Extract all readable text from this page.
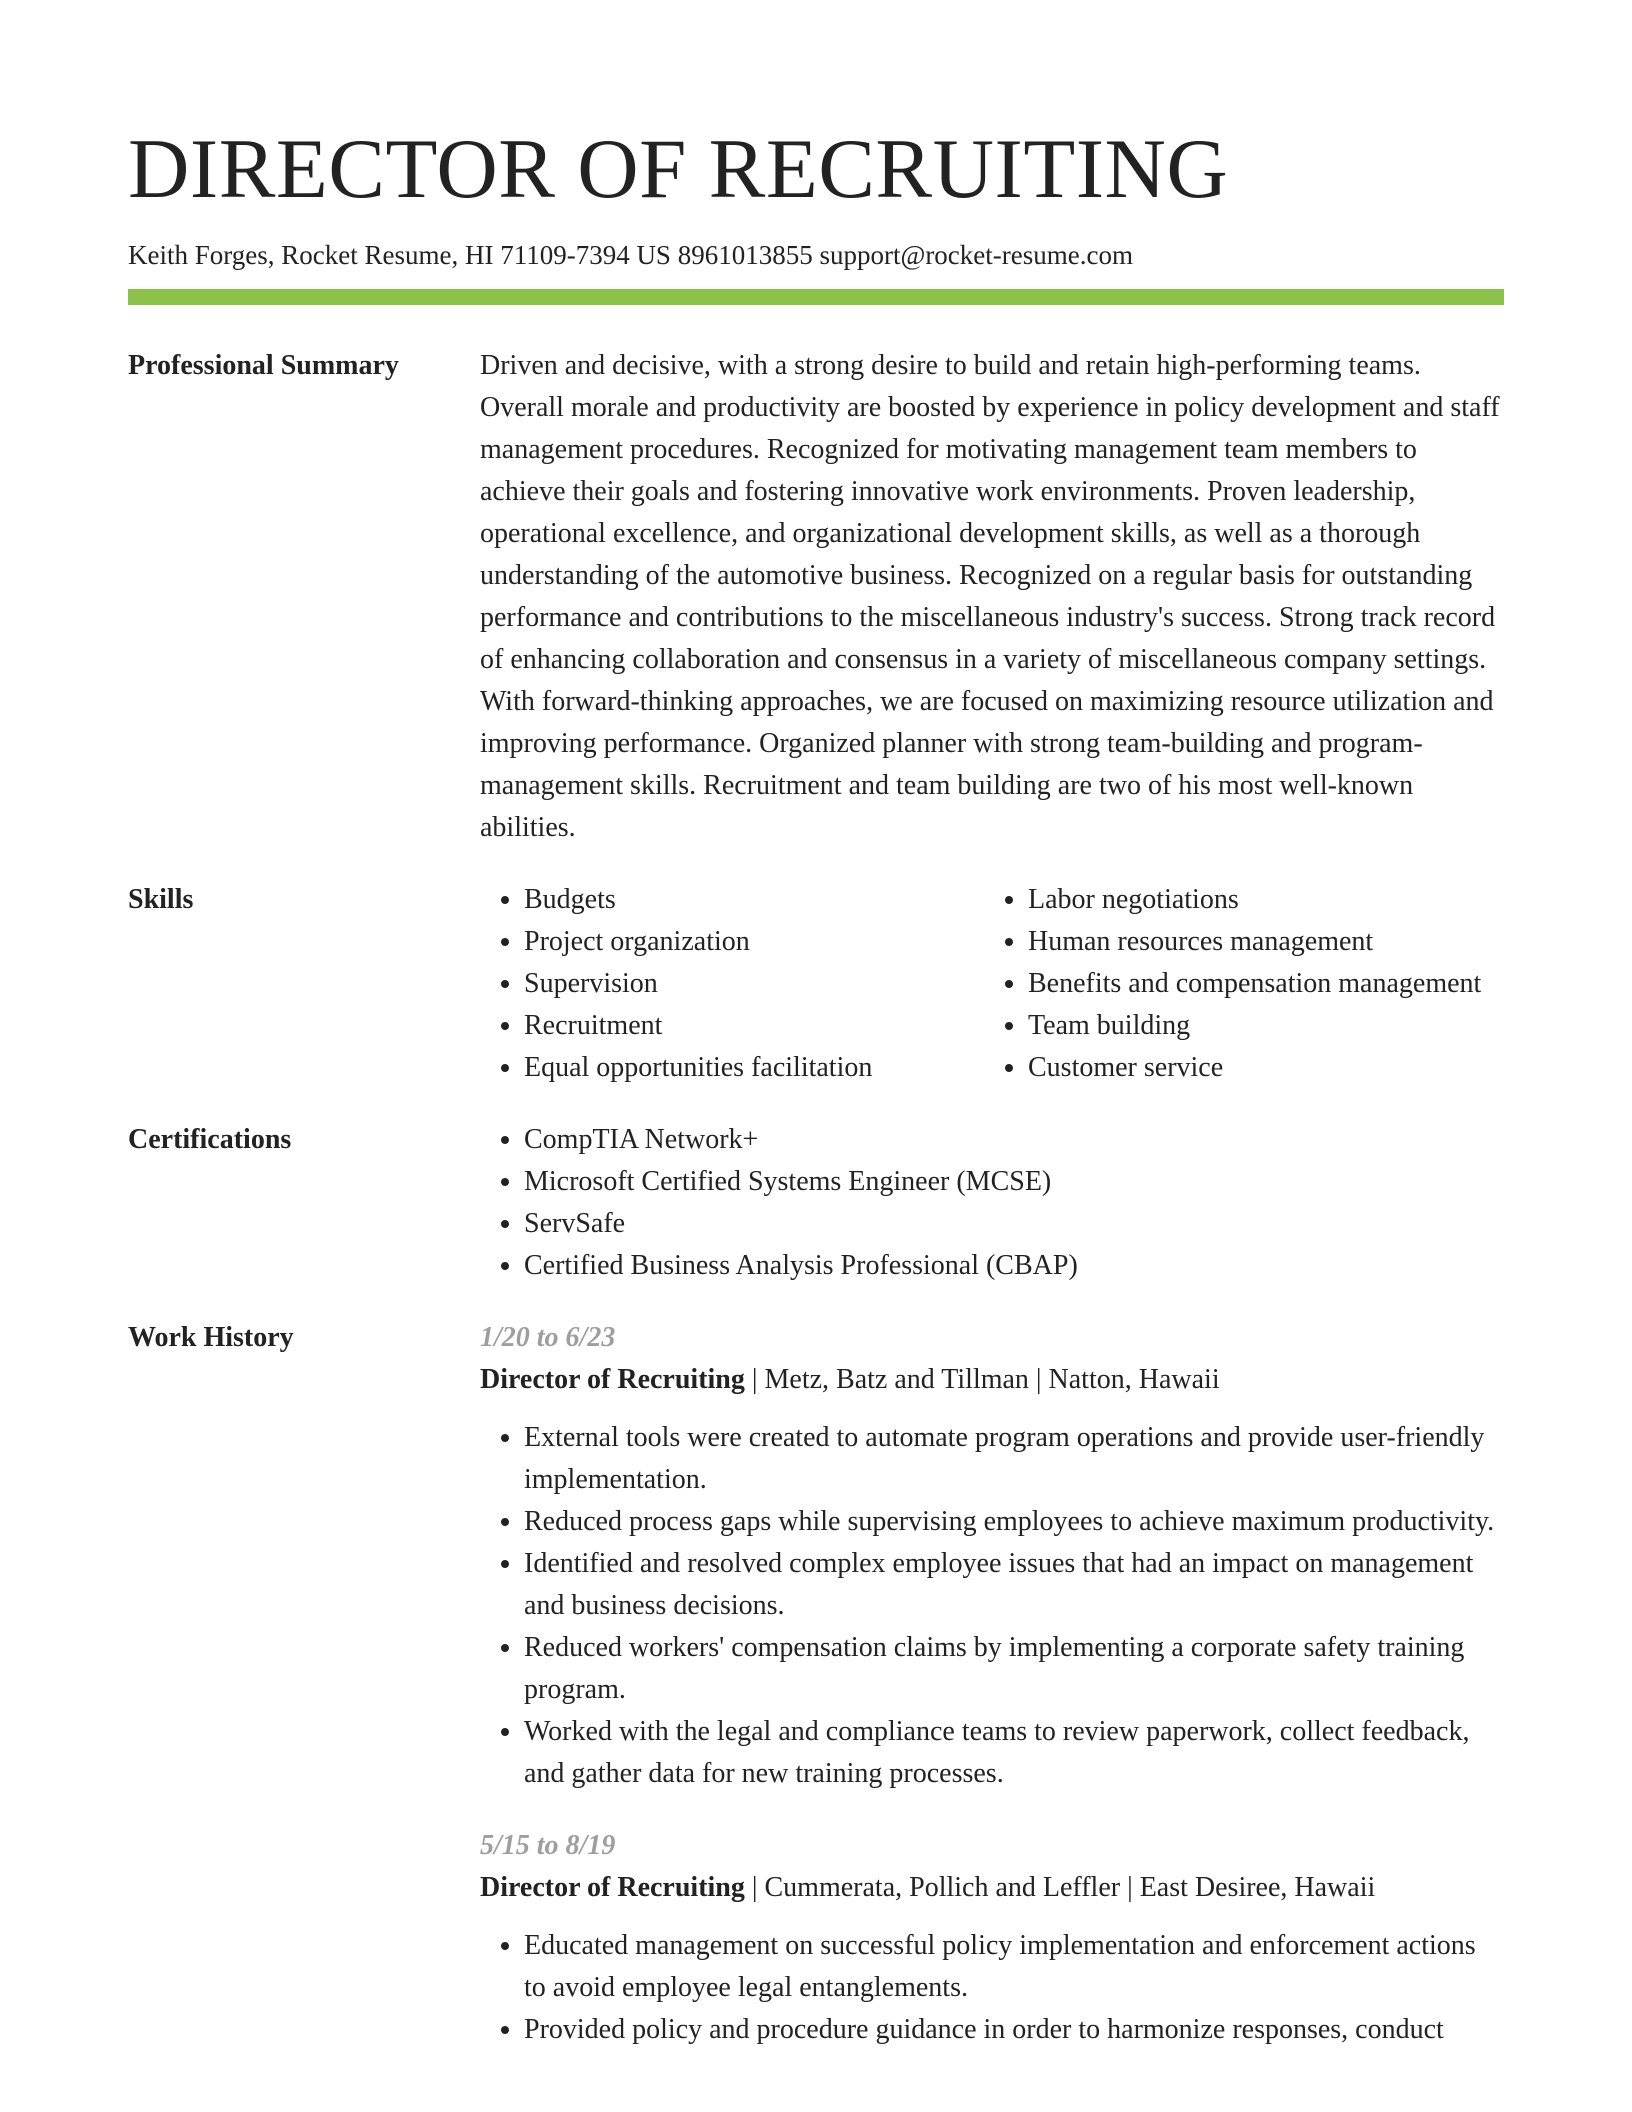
DIRECTOR OF RECRUITING
Keith Forges, Rocket Resume, HI 71109-7394 US 8961013855 support@rocket-resume.com
Professional Summary	Driven and decisive, with a strong desire to build and retain high-performing teams. Overall morale and productivity are boosted by experience in policy development and staff management procedures. Recognized for motivating management team members to achieve their goals and fostering innovative work environments. Proven leadership, operational excellence, and organizational development skills, as well as a thorough understanding of the automotive business. Recognized on a regular basis for outstanding performance and contributions to the miscellaneous industry's success. Strong track record of enhancing collaboration and consensus in a variety of miscellaneous company settings. With forward-thinking approaches, we are focused on maximizing resource utilization and improving performance. Organized planner with strong team-building and program-management skills. Recruitment and team building are two of his most well-known abilities.

Skills	• Budgets
• Project organization
• Supervision
• Recruitment
• Equal opportunities facilitation
• Labor negotiations
• Human resources management
• Benefits and compensation management
• Team building
• Customer service
Certifications	• CompTIA Network+
• Microsoft Certified Systems Engineer (MCSE)
• ServSafe
• Certified Business Analysis Professional (CBAP)
Work History	1/20 to 6/23
Director of Recruiting | Metz, Batz and Tillman | Natton, Hawaii
• External tools were created to automate program operations and provide user-friendly implementation.
• Reduced process gaps while supervising employees to achieve maximum productivity.
• Identified and resolved complex employee issues that had an impact on management and business decisions.
• Reduced workers' compensation claims by implementing a corporate safety training program.
• Worked with the legal and compliance teams to review paperwork, collect feedback, and gather data for new training processes.
5/15 to 8/19
Director of Recruiting | Cummerata, Pollich and Leffler | East Desiree, Hawaii
• Educated management on successful policy implementation and enforcement actions to avoid employee legal entanglements.
• Provided policy and procedure guidance in order to harmonize responses, conduct
